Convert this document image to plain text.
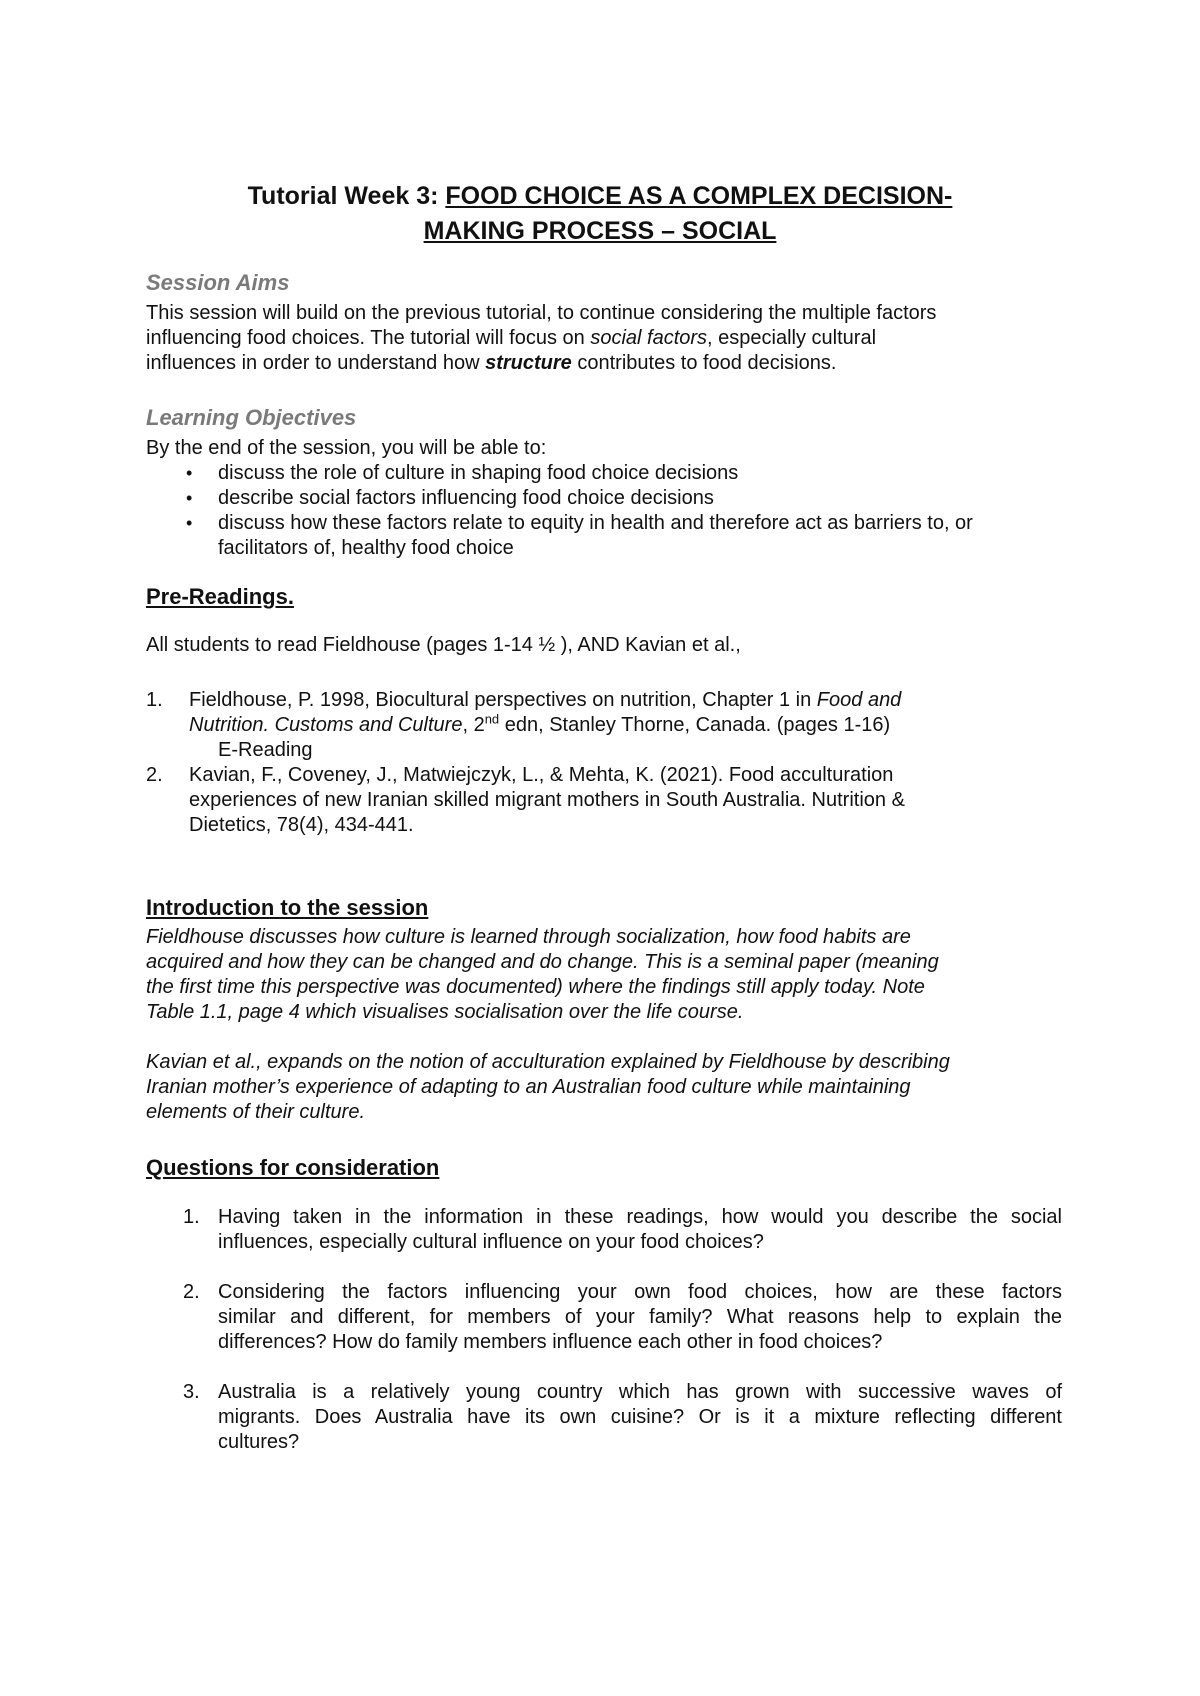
Tutorial Week 3: FOOD CHOICE AS A COMPLEX DECISION-
MAKING PROCESS – SOCIAL
Session Aims
This session will build on the previous tutorial, to continue considering the multiple factors
influencing food choices. The tutorial will focus on social factors, especially cultural
influences in order to understand how structure contributes to food decisions.
Learning Objectives
By the end of the session, you will be able to:
• discuss the role of culture in shaping food choice decisions
• describe social factors influencing food choice decisions
• discuss how these factors relate to equity in health and therefore act as barriers to, or
facilitators of, healthy food choice
Pre-Readings.
All students to read Fieldhouse (pages 1-14 ½ ), AND Kavian et al.,
1. Fieldhouse, P. 1998, Biocultural perspectives on nutrition, Chapter 1 in Food and
Nutrition. Customs and Culture, 2nd edn, Stanley Thorne, Canada. (pages 1-16)
E-Reading
2. Kavian, F., Coveney, J., Matwiejczyk, L., & Mehta, K. (2021). Food acculturation
experiences of new Iranian skilled migrant mothers in South Australia. Nutrition &
Dietetics, 78(4), 434-441.
Introduction to the session
Fieldhouse discusses how culture is learned through socialization, how food habits are
acquired and how they can be changed and do change. This is a seminal paper (meaning
the first time this perspective was documented) where the findings still apply today. Note
Table 1.1, page 4 which visualises socialisation over the life course.
Kavian et al., expands on the notion of acculturation explained by Fieldhouse by describing
Iranian mother’s experience of adapting to an Australian food culture while maintaining
elements of their culture.
Questions for consideration
1. Having taken in the information in these readings, how would you describe the social
influences, especially cultural influence on your food choices?
2. Considering the factors influencing your own food choices, how are these factors
similar and different, for members of your family? What reasons help to explain the
differences? How do family members influence each other in food choices?
3. Australia is a relatively young country which has grown with successive waves of
migrants. Does Australia have its own cuisine? Or is it a mixture reflecting different
cultures?
